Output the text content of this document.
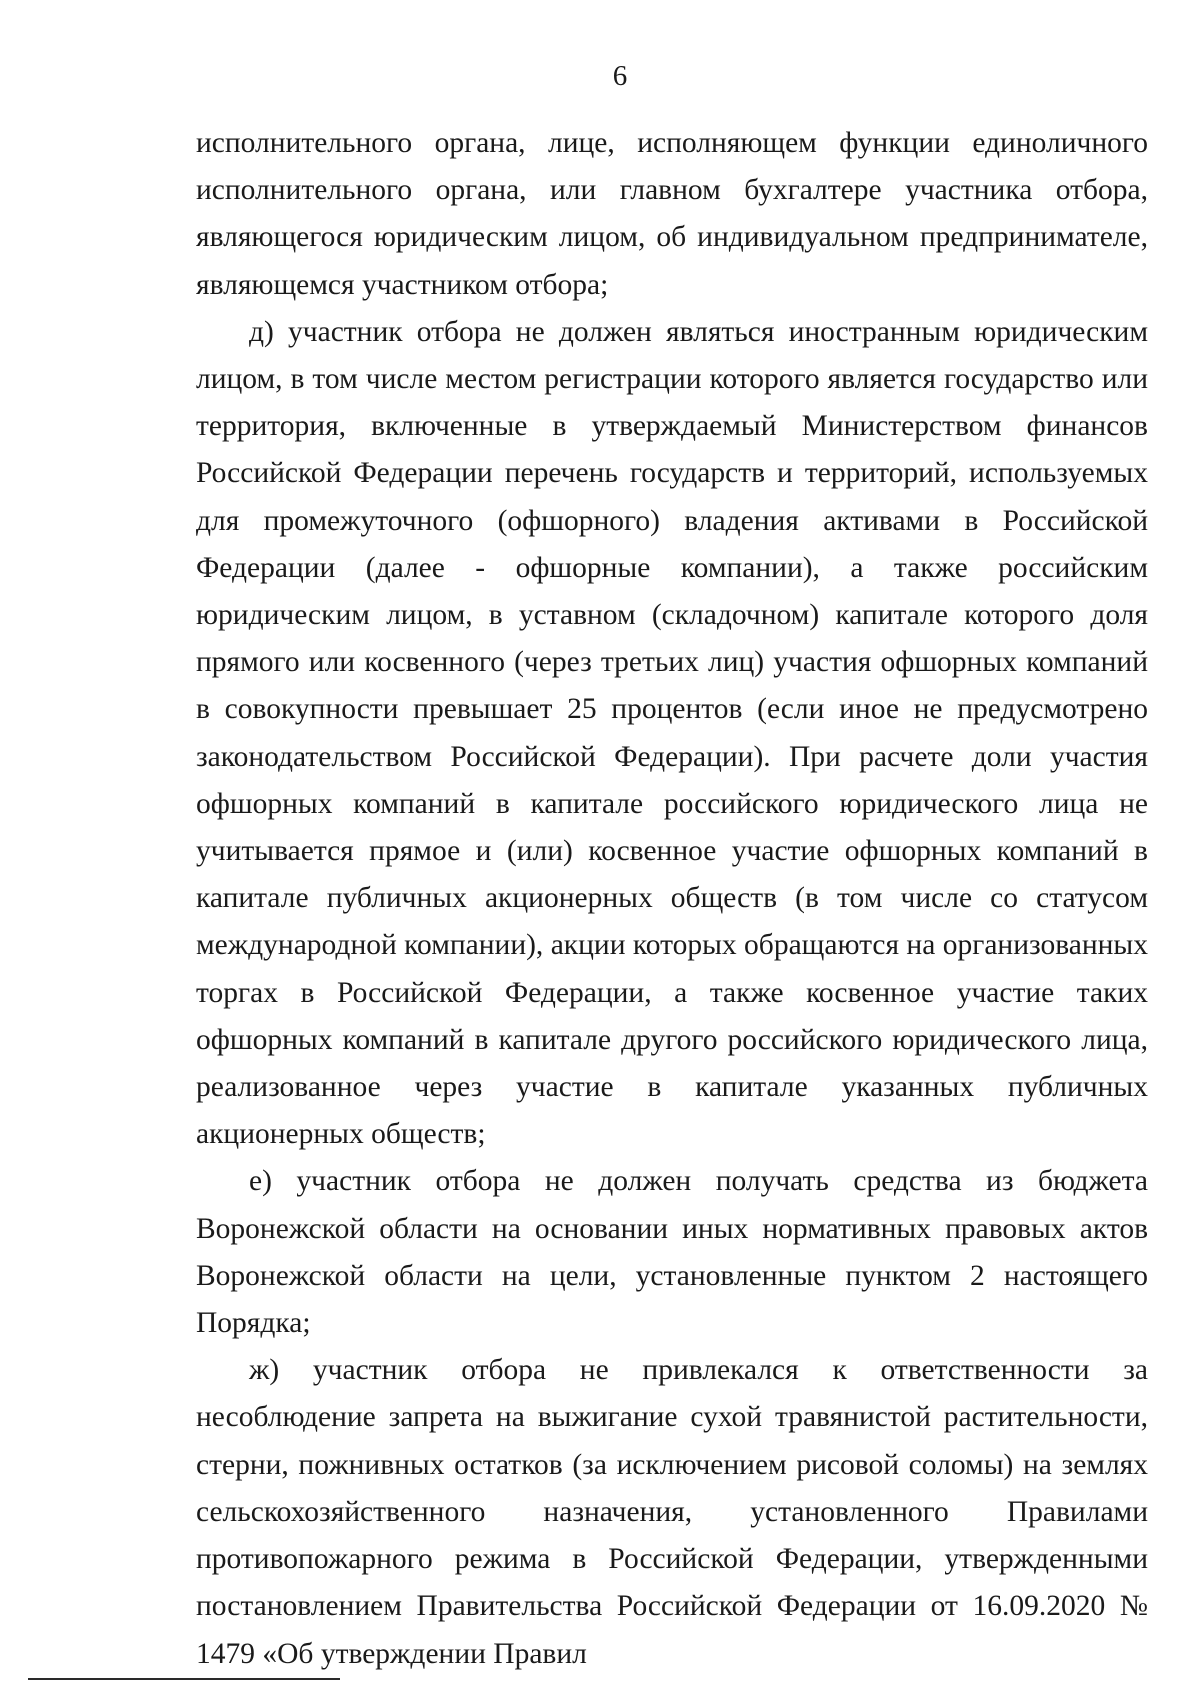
6

исполнительного органа, лице, исполняющем функции единоличного исполнительного органа, или главном бухгалтере участника отбора, являющегося юридическим лицом, об индивидуальном предпринимателе, являющемся участником отбора;

д) участник отбора не должен являться иностранным юридическим лицом, в том числе местом регистрации которого является государство или территория, включенные в утверждаемый Министерством финансов Российской Федерации перечень государств и территорий, используемых для промежуточного (офшорного) владения активами в Российской Федерации (далее - офшорные компании), а также российским юридическим лицом, в уставном (складочном) капитале которого доля прямого или косвенного (через третьих лиц) участия офшорных компаний в совокупности превышает 25 процентов (если иное не предусмотрено законодательством Российской Федерации). При расчете доли участия офшорных компаний в капитале российского юридического лица не учитывается прямое и (или) косвенное участие офшорных компаний в капитале публичных акционерных обществ (в том числе со статусом международной компании), акции которых обращаются на организованных торгах в Российской Федерации, а также косвенное участие таких офшорных компаний в капитале другого российского юридического лица, реализованное через участие в капитале указанных публичных акционерных обществ;

е) участник отбора не должен получать средства из бюджета Воронежской области на основании иных нормативных правовых актов Воронежской области на цели, установленные пунктом 2 настоящего Порядка;

ж) участник отбора не привлекался к ответственности за несоблюдение запрета на выжигание сухой травянистой растительности, стерни, пожнивных остатков (за исключением рисовой соломы) на землях сельскохозяйственного назначения, установленного Правилами противопожарного режима в Российской Федерации, утвержденными постановлением Правительства Российской Федерации от 16.09.2020 № 1479 «Об утверждении Правил
